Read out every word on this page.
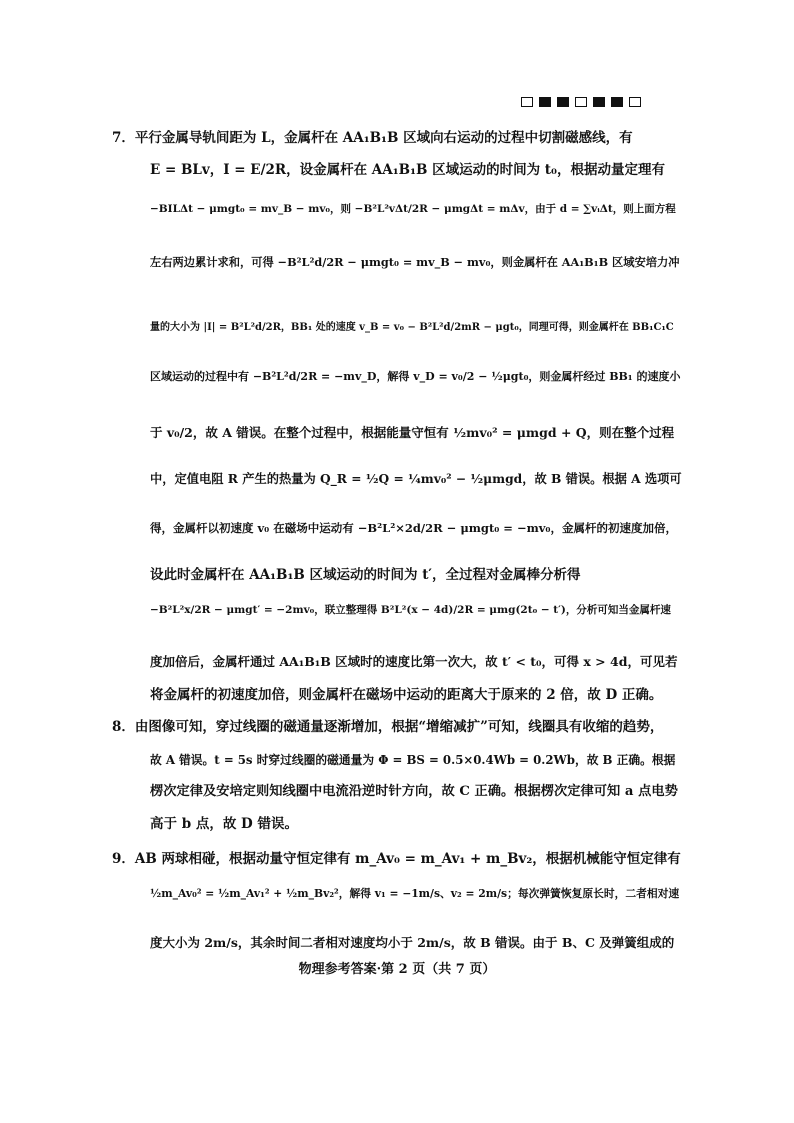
7．平行金属导轨间距为 L，金属杆在 AA₁B₁B 区域向右运动的过程中切割磁感线，有
E = BLv，I = E/2R，设金属杆在 AA₁B₁B 区域运动的时间为 t₀，根据动量定理有
−BILΔt − μmgt₀ = mv_B − mv₀，则 −B²L²vΔt/2R − μmgΔt = mΔv，由于 d = ∑vᵢΔt，则上面方程
左右两边累计求和，可得 −B²L²d/2R − μmgt₀ = mv_B − mv₀，则金属杆在 AA₁B₁B 区域安培力冲
量的大小为 |I| = B²L²d/2R，BB₁ 处的速度 v_B = v₀ − B²L²d/2mR − μgt₀，同理可得，则金属杆在 BB₁C₁C
区域运动的过程中有 −B²L²d/2R = −mv_D，解得 v_D = v₀/2 − ½μgt₀，则金属杆经过 BB₁ 的速度小
于 v₀/2，故 A 错误。在整个过程中，根据能量守恒有 ½mv₀² = μmgd + Q，则在整个过程
中，定值电阻 R 产生的热量为 Q_R = ½Q = ¼mv₀² − ½μmgd，故 B 错误。根据 A 选项可
得，金属杆以初速度 v₀ 在磁场中运动有 −B²L²×2d/2R − μmgt₀ = −mv₀，金属杆的初速度加倍，
设此时金属杆在 AA₁B₁B 区域运动的时间为 t′，全过程对金属棒分析得
−B²L²x/2R − μmgt′ = −2mv₀，联立整理得 B²L²(x − 4d)/2R = μmg(2t₀ − t′)，分析可知当金属杆速
度加倍后，金属杆通过 AA₁B₁B 区域时的速度比第一次大，故 t′ < t₀，可得 x > 4d，可见若
将金属杆的初速度加倍，则金属杆在磁场中运动的距离大于原来的 2 倍，故 D 正确。
8．由图像可知，穿过线圈的磁通量逐渐增加，根据“增缩减扩”可知，线圈具有收缩的趋势，
故 A 错误。t = 5s 时穿过线圈的磁通量为 Φ = BS = 0.5×0.4Wb = 0.2Wb，故 B 正确。根据
楞次定律及安培定则知线圈中电流沿逆时针方向，故 C 正确。根据楞次定律可知 a 点电势
高于 b 点，故 D 错误。
9．AB 两球相碰，根据动量守恒定律有 m_Av₀ = m_Av₁ + m_Bv₂，根据机械能守恒定律有
½m_Av₀² = ½m_Av₁² + ½m_Bv₂²，解得 v₁ = −1m/s、v₂ = 2m/s；每次弹簧恢复原长时，二者相对速
度大小为 2m/s，其余时间二者相对速度均小于 2m/s，故 B 错误。由于 B、C 及弹簧组成的
物理参考答案·第 2 页（共 7 页）
